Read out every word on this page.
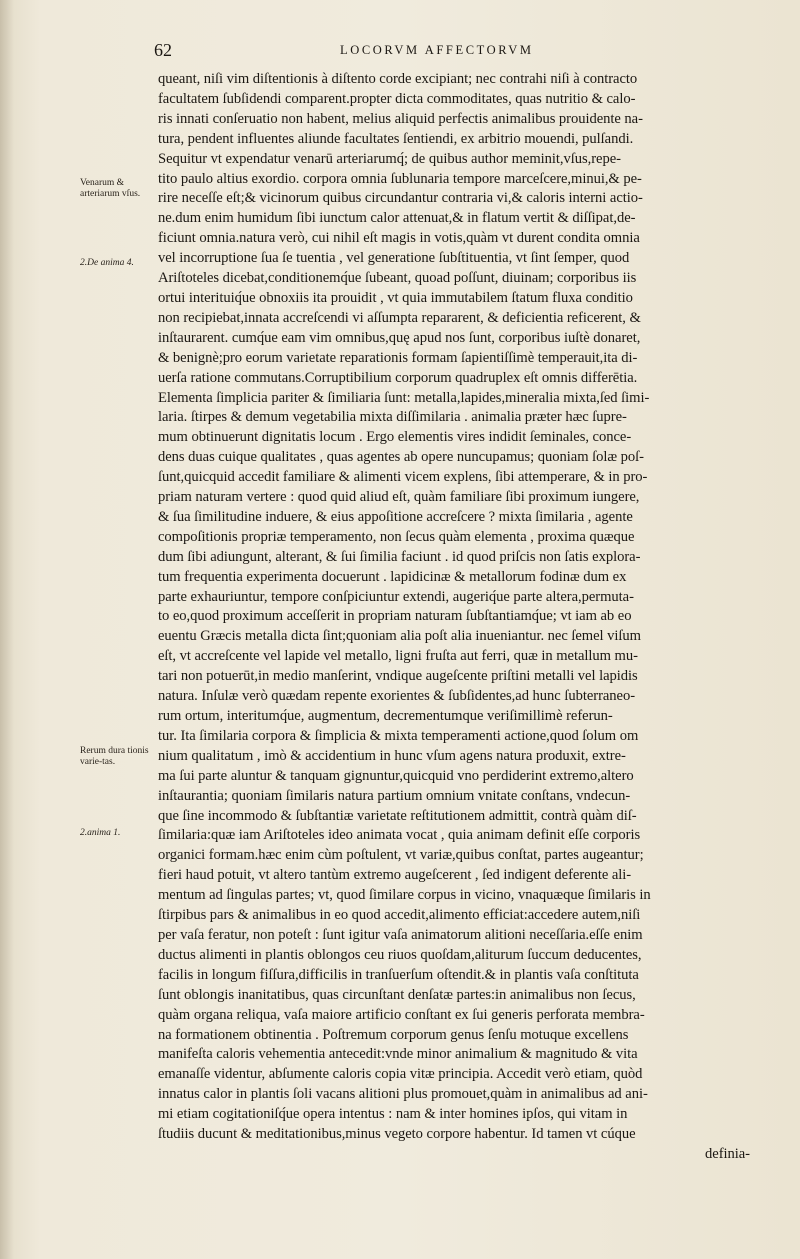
62	LOCORVM AFFECTORVM
Venarum & arteriarum vſus.
2.De anima 4.
Rerum dura tionis varie-tas.
2.anima 1.
queant, niſi vim diſtentionis à diſtento corde excipiant; nec contrahi niſi à contracto
facultatem ſubſidendi comparent.propter dicta commoditates, quas nutritio & calo-
ris innati conſeruatio non habent, melius aliquid perfectis animalibus prouidente na-
tura, pendent influentes aliunde facultates ſentiendi, ex arbitrio mouendi, pulſandi.
Sequitur vt expendatur venarū arteriarumq́; de quibus author meminit,vſus,repe-
tito paulo altius exordio. corpora omnia ſublunaria tempore marceſcere,minui,& pe-
rire neceſſe eſt;& vicinorum quibus circundantur contraria vi,& caloris interni actio-
ne.dum enim humidum ſibi iunctum calor attenuat,& in flatum vertit & diſſipat,de-
ficiunt omnia.natura verò, cui nihil eſt magis in votis,quàm vt durent condita omnia
vel incorruptione ſua ſe tuentia , vel generatione ſubſtituentia, vt ſint ſemper, quod
Ariſtoteles dicebat,conditionemq́ue ſubeant, quoad poſſunt, diuinam; corporibus iis
ortui interituiq́ue obnoxiis ita prouidit , vt quia immutabilem ſtatum fluxa conditio
non recipiebat,innata accreſcendi vi aſſumpta repararent, & deficientia reficerent, &
inſtaurarent. cumq́ue eam vim omnibus,quę apud nos ſunt, corporibus iuſtè donaret,
& benignè;pro eorum varietate reparationis formam ſapientiſſimè temperauit,ita di-
uerſa ratione commutans.Corruptibilium corporum quadruplex eſt omnis differētia.
Elementa ſimplicia pariter & ſimiliaria ſunt: metalla,lapides,mineralia mixta,ſed ſimi-
laria. ſtirpes & demum vegetabilia mixta diſſimilaria . animalia præter hæc ſupre-
mum obtinuerunt dignitatis locum . Ergo elementis vires indidit ſeminales, conce-
dens duas cuique qualitates , quas agentes ab opere nuncupamus; quoniam ſolæ poſ-
ſunt,quicquid accedit familiare & alimenti vicem explens, ſibi attemperare, & in pro-
priam naturam vertere : quod quid aliud eſt, quàm familiare ſibi proximum iungere,
& ſua ſimilitudine induere, & eius appoſitione accreſcere ? mixta ſimilaria , agente
compoſitionis propriæ temperamento, non ſecus quàm elementa , proxima quæque
dum ſibi adiungunt, alterant, & ſui ſimilia faciunt . id quod priſcis non ſatis explora-
tum frequentia experimenta docuerunt . lapidicinæ & metallorum fodinæ dum ex
parte exhauriuntur, tempore conſpiciuntur extendi, augeriq́ue parte altera,permuta-
to eo,quod proximum acceſſerit in propriam naturam ſubſtantiamq́ue; vt iam ab eo
euentu Græcis metalla dicta ſint;quoniam alia poſt alia inueniantur. nec ſemel viſum
eſt, vt accreſcente vel lapide vel metallo, ligni fruſta aut ferri, quæ in metallum mu-
tari non potuerūt,in medio manſerint, vndique augeſcente priſtini metalli vel lapidis
natura. Inſulæ verò quædam repente exorientes & ſubſidentes,ad hunc ſubterraneo-
rum ortum, interitumq́ue, augmentum, decrementumque veriſimillimè referun-
tur. Ita ſimilaria corpora & ſimplicia & mixta temperamenti actione,quod ſolum om
nium qualitatum , imò & accidentium in hunc vſum agens natura produxit, extre-
ma ſui parte aluntur & tanquam gignuntur,quicquid vno perdiderint extremo,altero
inſtaurantia; quoniam ſimilaris natura partium omnium vnitate conſtans, vndecun-
que ſine incommodo & ſubſtantiæ varietate reſtitutionem admittit, contrà quàm diſ-
ſimilaria:quæ iam Ariſtoteles ideo animata vocat , quia animam definit eſſe corporis
organici formam.hæc enim cùm poſtulent, vt variæ,quibus conſtat, partes augeantur;
fieri haud potuit, vt altero tantùm extremo augeſcerent , ſed indigent deferente ali-
mentum ad ſingulas partes; vt, quod ſimilare corpus in vicino, vnaquæque ſimilaris in
ſtirpibus pars & animalibus in eo quod accedit,alimento efficiat:accedere autem,niſi
per vaſa feratur, non poteſt : ſunt igitur vaſa animatorum alitioni neceſſaria.eſſe enim
ductus alimenti in plantis oblongos ceu riuos quoſdam,aliturum ſuccum deducentes,
facilis in longum fiſſura,difficilis in tranſuerſum oſtendit.& in plantis vaſa conſtituta
ſunt oblongis inanitatibus, quas circunſtant denſatæ partes:in animalibus non ſecus,
quàm organa reliqua, vaſa maiore artificio conſtant ex ſui generis perforata membra-
na formationem obtinentia . Poſtremum corporum genus ſenſu motuque excellens
manifeſta caloris vehementia antecedit:vnde minor animalium & magnitudo & vita
emanaſſe videntur, abſumente caloris copia vitæ principia. Accedit verò etiam, quòd
innatus calor in plantis ſoli vacans alitioni plus promouet,quàm in animalibus ad ani-
mi etiam cogitationiſq́ue opera intentus : nam & inter homines ipſos, qui vitam in
ſtudiis ducunt & meditationibus,minus vegeto corpore habentur. Id tamen vt cúque
definia-
